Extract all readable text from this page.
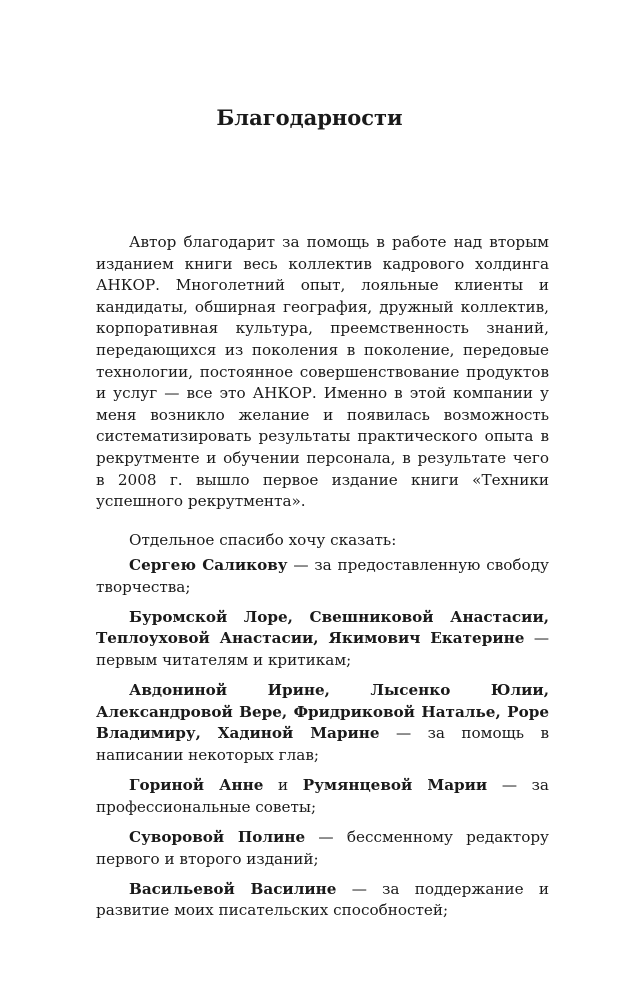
Благодарности

Автор благодарит за помощь в работе над вторым изданием книги весь коллектив кадрового холдинга АНКОР. Многолетний опыт, лояльные клиенты и кандидаты, обширная география, дружный коллектив, корпоративная культура, преемственность знаний, передающихся из поколения в поколение, передовые технологии, постоянное совершенствование продуктов и услуг — все это АНКОР. Именно в этой компании у меня возникло желание и появилась возможность систематизировать результаты практического опыта в рекрутменте и обучении персонала, в результате чего в 2008 г. вышло первое издание книги «Техники успешного рекрутмента».

Отдельное спасибо хочу сказать:

Сергею Саликову — за предоставленную свободу творчества;

Буромской Лоре, Свешниковой Анастасии, Теплоуховой Анастасии, Якимович Екатерине — первым читателям и критикам;

Авдониной Ирине, Лысенко Юлии, Александровой Вере, Фридриковой Наталье, Роре Владимиру, Хадиной Марине — за помощь в написании некоторых глав;

Гориной Анне и Румянцевой Марии — за профессиональные советы;

Суворовой Полине — бессменному редактору первого и второго изданий;

Васильевой Василине — за поддержание и развитие моих писательских способностей;
